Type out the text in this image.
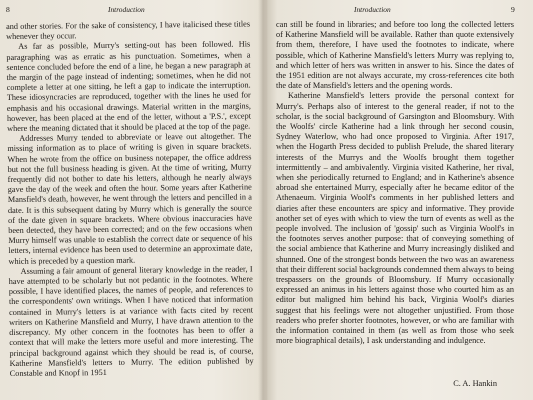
8	Introduction

and other stories. For the sake of consistency, I have italicised these titles whenever they occur.

As far as possible, Murry's setting-out has been followed. His paragraphing was as erratic as his punctuation. Sometimes, when a sentence concluded before the end of a line, he began a new paragraph at the margin of the page instead of indenting; sometimes, when he did not complete a letter at one sitting, he left a gap to indicate the interruption. These idiosyncracies are reproduced, together with the lines he used for emphasis and his occasional drawings. Material written in the margins, however, has been placed at the end of the letter, without a 'P.S.', except where the meaning dictated that it should be placed at the top of the page.

Addresses Murry tended to abbreviate or leave out altogether. The missing information as to place of writing is given in square brackets. When he wrote from the office on business notepaper, the office address but not the full business heading is given. At the time of writing, Murry frequently did not bother to date his letters, although he nearly always gave the day of the week and often the hour. Some years after Katherine Mansfield's death, however, he went through the letters and pencilled in a date. It is this subsequent dating by Murry which is generally the source of the date given in square brackets. Where obvious inaccuracies have been detected, they have been corrected; and on the few occasions when Murry himself was unable to establish the correct date or sequence of his letters, internal evidence has been used to determine an approximate date, which is preceded by a question mark.

Assuming a fair amount of general literary knowledge in the reader, I have attempted to be scholarly but not pedantic in the footnotes. Where possible, I have identified places, the names of people, and references to the correspondents' own writings. When I have noticed that information contained in Murry's letters is at variance with facts cited by recent writers on Katherine Mansfield and Murry, I have drawn attention to the discrepancy. My other concern in the footnotes has been to offer a context that will make the letters more useful and more interesting. The principal background against which they should be read is, of course, Katherine Mansfield's letters to Murry. The edition published by Constable and Knopf in 1951

Introduction	9

can still be found in libraries; and before too long the collected letters of Katherine Mansfield will be available. Rather than quote extensively from them, therefore, I have used the footnotes to indicate, where possible, which of Katherine Mansfield's letters Murry was replying to, and which letter of hers was written in answer to his. Since the dates of the 1951 edition are not always accurate, my cross-references cite both the date of Mansfield's letters and the opening words.

Katherine Mansfield's letters provide the personal context for Murry's. Perhaps also of interest to the general reader, if not to the scholar, is the social background of Garsington and Bloomsbury. With the Woolfs' circle Katherine had a link through her second cousin, Sydney Waterlow, who had once proposed to Virginia. After 1917, when the Hogarth Press decided to publish Prelude, the shared literary interests of the Murrys and the Woolfs brought them together intermittently – and ambivalently. Virginia visited Katherine, her rival, when she periodically returned to England; and in Katherine's absence abroad she entertained Murry, especially after he became editor of the Athenaeum. Virginia Woolf's comments in her published letters and diaries after these encounters are spicy and informative. They provide another set of eyes with which to view the turn of events as well as the people involved. The inclusion of 'gossip' such as Virginia Woolf's in the footnotes serves another purpose: that of conveying something of the social ambience that Katherine and Murry increasingly disliked and shunned. One of the strongest bonds between the two was an awareness that their different social backgrounds condemned them always to being trespassers on the grounds of Bloomsbury. If Murry occasionally expressed an animus in his letters against those who courted him as an editor but maligned him behind his back, Virginia Woolf's diaries suggest that his feelings were not altogether unjustified. From those readers who prefer shorter footnotes, however, or who are familiar with the information contained in them (as well as from those who seek more biographical details), I ask understanding and indulgence.

C. A. Hankin
